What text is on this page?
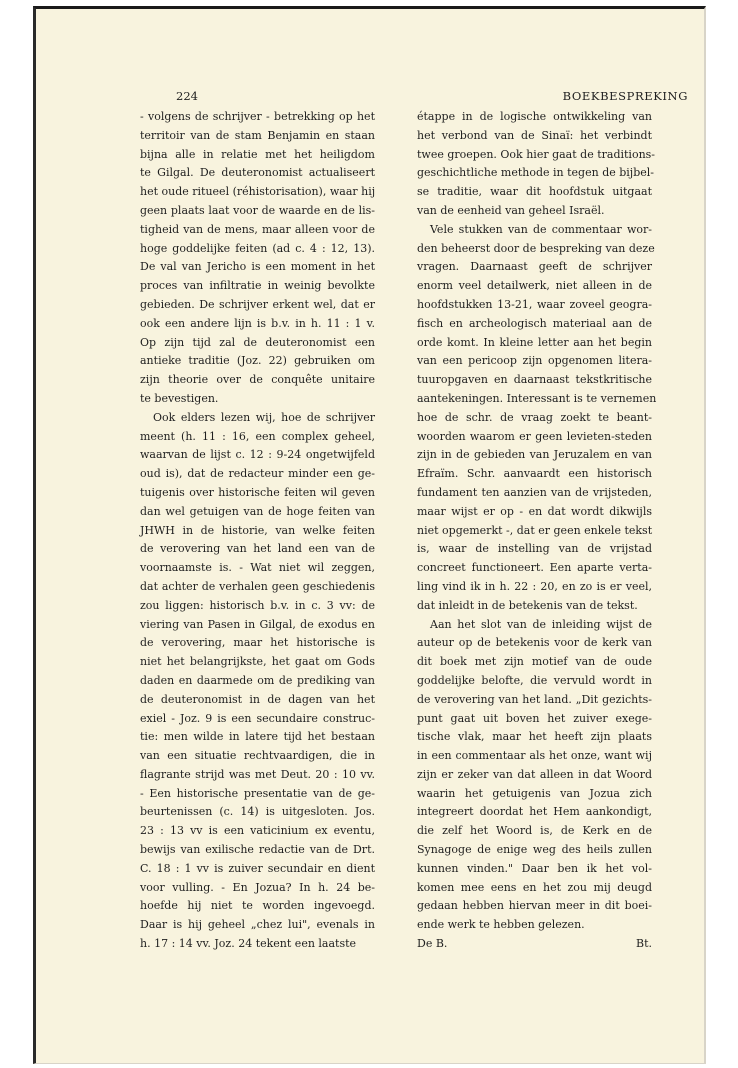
224	BOEKBESPREKING
- volgens de schrijver - betrekking op het
territoir van de stam Benjamin en staan
bijna alle in relatie met het heiligdom
te Gilgal. De deuteronomist actualiseert
het oude ritueel (réhistorisation), waar hij
geen plaats laat voor de waarde en de lis-
tigheid van de mens, maar alleen voor de
hoge goddelijke feiten (ad c. 4 : 12, 13).
De val van Jericho is een moment in het
proces van infiltratie in weinig bevolkte
gebieden. De schrijver erkent wel, dat er
ook een andere lijn is b.v. in h. 11 : 1 v.
Op zijn tijd zal de deuteronomist een
antieke traditie (Joz. 22) gebruiken om
zijn theorie over de conquête unitaire
te bevestigen.
Ook elders lezen wij, hoe de schrijver
meent (h. 11 : 16, een complex geheel,
waarvan de lijst c. 12 : 9-24 ongetwijfeld
oud is), dat de redacteur minder een ge-
tuigenis over historische feiten wil geven
dan wel getuigen van de hoge feiten van
JHWH in de historie, van welke feiten
de verovering van het land een van de
voornaamste is. - Wat niet wil zeggen,
dat achter de verhalen geen geschiedenis
zou liggen: historisch b.v. in c. 3 vv: de
viering van Pasen in Gilgal, de exodus en
de verovering, maar het historische is
niet het belangrijkste, het gaat om Gods
daden en daarmede om de prediking van
de deuteronomist in de dagen van het
exiel - Joz. 9 is een secundaire construc-
tie: men wilde in latere tijd het bestaan
van een situatie rechtvaardigen, die in
flagrante strijd was met Deut. 20 : 10 vv.
- Een historische presentatie van de ge-
beurtenissen (c. 14) is uitgesloten. Jos.
23 : 13 vv is een vaticinium ex eventu,
bewijs van exilische redactie van de Drt.
C. 18 : 1 vv is zuiver secundair en dient
voor vulling. - En Jozua? In h. 24 be-
hoefde hij niet te worden ingevoegd.
Daar is hij geheel „chez lui", evenals in
h. 17 : 14 vv. Joz. 24 tekent een laatste
étappe in de logische ontwikkeling van
het verbond van de Sinaï: het verbindt
twee groepen. Ook hier gaat de traditions-
geschichtliche methode in tegen de bijbel-
se traditie, waar dit hoofdstuk uitgaat
van de eenheid van geheel Israël.
Vele stukken van de commentaar wor-
den beheerst door de bespreking van deze
vragen. Daarnaast geeft de schrijver
enorm veel detailwerk, niet alleen in de
hoofdstukken 13-21, waar zoveel geogra-
fisch en archeologisch materiaal aan de
orde komt. In kleine letter aan het begin
van een pericoop zijn opgenomen litera-
tuuropgaven en daarnaast tekstkritische
aantekeningen. Interessant is te vernemen
hoe de schr. de vraag zoekt te beant-
woorden waarom er geen levieten-steden
zijn in de gebieden van Jeruzalem en van
Efraïm. Schr. aanvaardt een historisch
fundament ten aanzien van de vrijsteden,
maar wijst er op - en dat wordt dikwijls
niet opgemerkt -, dat er geen enkele tekst
is, waar de instelling van de vrijstad
concreet functioneert. Een aparte verta-
ling vind ik in h. 22 : 20, en zo is er veel,
dat inleidt in de betekenis van de tekst.
Aan het slot van de inleiding wijst de
auteur op de betekenis voor de kerk van
dit boek met zijn motief van de oude
goddelijke belofte, die vervuld wordt in
de verovering van het land. „Dit gezichts-
punt gaat uit boven het zuiver exege-
tische vlak, maar het heeft zijn plaats
in een commentaar als het onze, want wij
zijn er zeker van dat alleen in dat Woord
waarin het getuigenis van Jozua zich
integreert doordat het Hem aankondigt,
die zelf het Woord is, de Kerk en de
Synagoge de enige weg des heils zullen
kunnen vinden." Daar ben ik het vol-
komen mee eens en het zou mij deugd
gedaan hebben hiervan meer in dit boei-
ende werk te hebben gelezen.
De B.	Bt.
